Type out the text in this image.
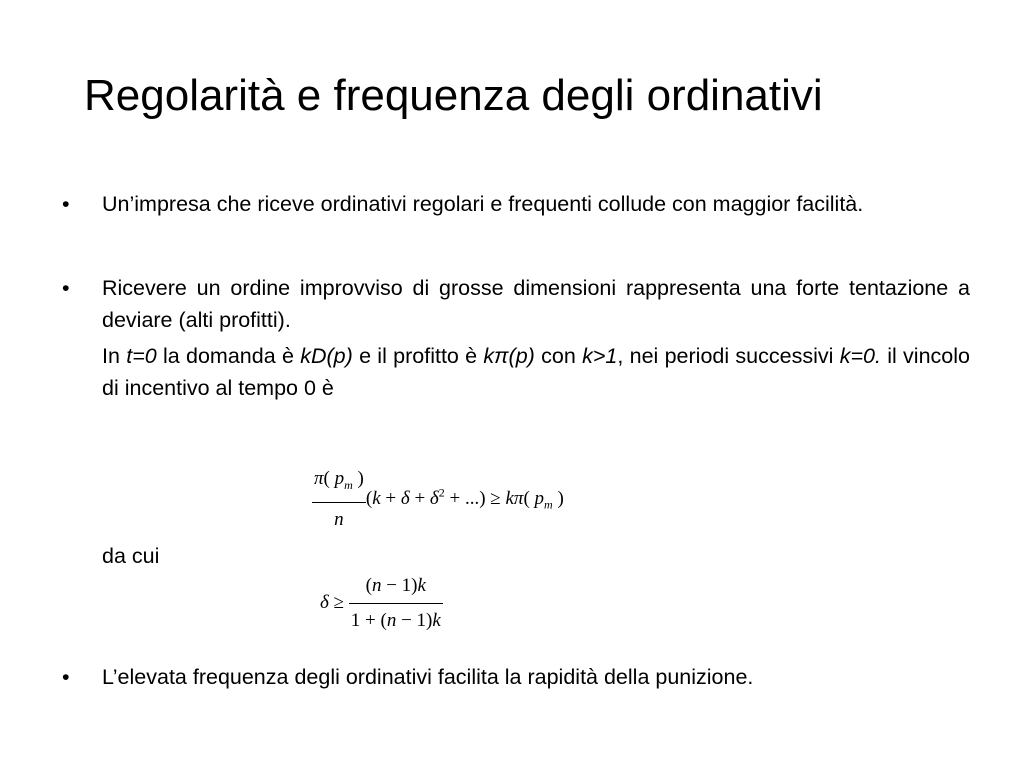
Regolarità e frequenza degli ordinativi
• Un’impresa che riceve ordinativi regolari e frequenti collude con maggior facilità.
• Ricevere un ordine improvviso di grosse dimensioni rappresenta una forte tentazione a deviare (alti profitti).
In t=0 la domanda è kD(p) e il profitto è kπ(p) con k>1, nei periodi successivi k=0. il vincolo di incentivo al tempo 0 è
$\frac{\pi( p_m )}{n} (k + \delta + \delta^2$ + ...) ≥ kπ( $p_m$ )
da cui
$\delta \ge \frac{(n - 1)k}{1 + (n - 1)k}$
• L’elevata frequenza degli ordinativi facilita la rapidità della punizione.
